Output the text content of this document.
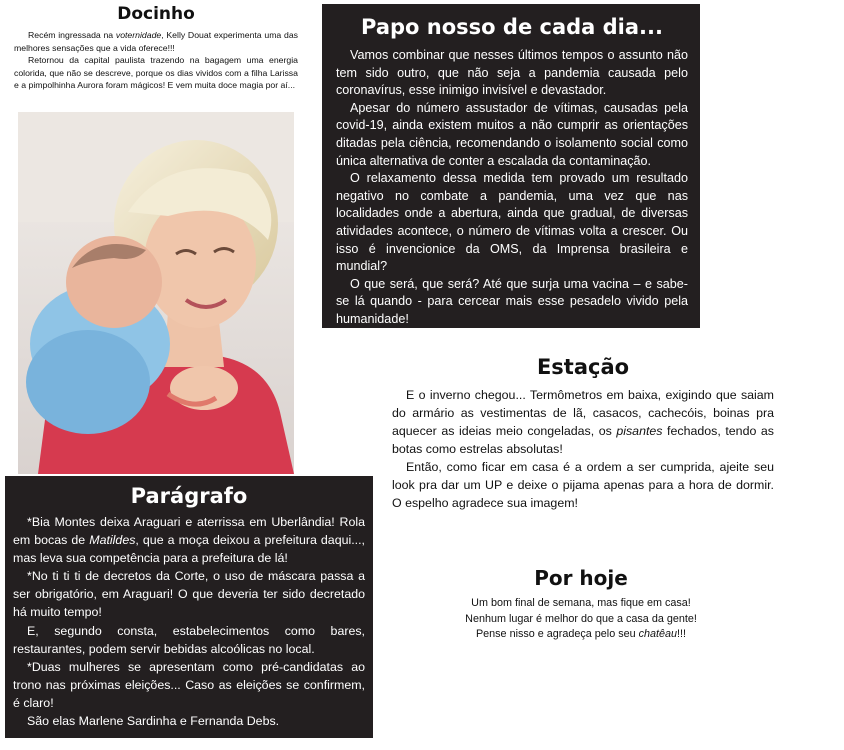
Docinho

Recém ingressada na voternidade, Kelly Douat experimenta uma das melhores sensações que a vida oferece!!!

Retornou da capital paulista trazendo na bagagem uma energia colorida, que não se descreve, porque os dias vividos com a filha Larissa e a pimpolhinha Aurora foram mágicos! E vem muita doce magia por aí...

Papo nosso de cada dia...

Vamos combinar que nesses últimos tempos o assunto não tem sido outro, que não seja a pandemia causada pelo coronavírus, esse inimigo invisível e devastador.

Apesar do número assustador de vítimas, causadas pela covid-19, ainda existem muitos a não cumprir as orientações ditadas pela ciência, recomendando o isolamento social como única alternativa de conter a escalada da contaminação.

O relaxamento dessa medida tem provado um resultado negativo no combate a pandemia, uma vez que nas localidades onde a abertura, ainda que gradual, de diversas atividades acontece, o número de vítimas volta a crescer. Ou isso é invencionice da OMS, da Imprensa brasileira e mundial?

O que será, que será? Até que surja uma vacina – e sabe-se lá quando - para cercear mais esse pesadelo vivido pela humanidade!

Estação

E o inverno chegou... Termômetros em baixa, exigindo que saiam do armário as vestimentas de lã, casacos, cachecóis, boinas pra aquecer as ideias meio congeladas, os pisantes fechados, tendo as botas como estrelas absolutas!

Então, como ficar em casa é a ordem a ser cumprida, ajeite seu look pra dar um UP e deixe o pijama apenas para a hora de dormir. O espelho agradece sua imagem!

Parágrafo

*Bia Montes deixa Araguari e aterrissa em Uberlândia! Rola em bocas de Matildes, que a moça deixou a prefeitura daqui..., mas leva sua competência para a prefeitura de lá!

*No ti ti ti de decretos da Corte, o uso de máscara passa a ser obrigatório, em Araguari! O que deveria ter sido decretado há muito tempo!

E, segundo consta, estabelecimentos como bares, restaurantes, podem servir bebidas alcoólicas no local.

*Duas mulheres se apresentam como pré-candidatas ao trono nas próximas eleições... Caso as eleições se confirmem, é claro!

São elas Marlene Sardinha e Fernanda Debs.

Por hoje

Um bom final de semana, mas fique em casa!

Nenhum lugar é melhor do que a casa da gente!

Pense nisso e agradeça pelo seu chatêau!!!
